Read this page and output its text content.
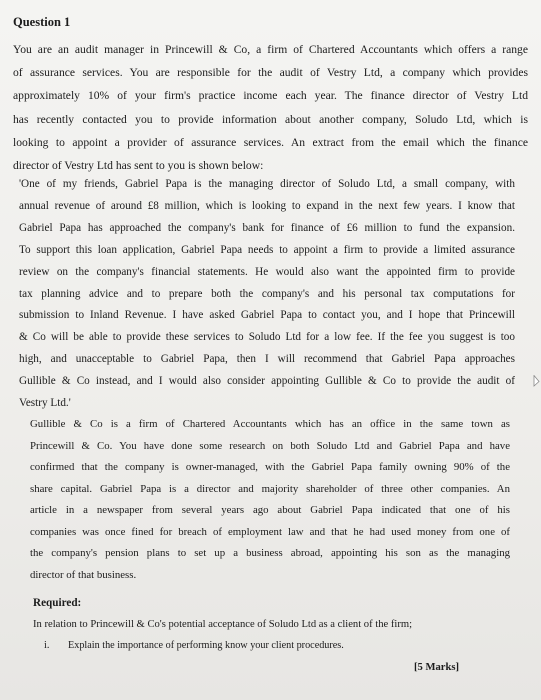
Question 1
You are an audit manager in Princewill & Co, a firm of Chartered Accountants which offers a range
of assurance services. You are responsible for the audit of Vestry Ltd, a company which provides
approximately 10% of your firm's practice income each year. The finance director of Vestry Ltd
has recently contacted you to provide information about another company, Soludo Ltd, which is
looking to appoint a provider of assurance services. An extract from the email which the finance
director of Vestry Ltd has sent to you is shown below:
'One of my friends, Gabriel Papa is the managing director of Soludo Ltd, a small company, with
annual revenue of around £8 million, which is looking to expand in the next few years. I know that
Gabriel Papa has approached the company's bank for finance of £6 million to fund the expansion.
To support this loan application, Gabriel Papa needs to appoint a firm to provide a limited assurance
review on the company's financial statements. He would also want the appointed firm to provide
tax planning advice and to prepare both the company's and his personal tax computations for
submission to Inland Revenue. I have asked Gabriel Papa to contact you, and I hope that Princewill
& Co will be able to provide these services to Soludo Ltd for a low fee. If the fee you suggest is too
high, and unacceptable to Gabriel Papa, then I will recommend that Gabriel Papa approaches
Gullible & Co instead, and I would also consider appointing Gullible & Co to provide the audit of
Vestry Ltd.'
Gullible & Co is a firm of Chartered Accountants which has an office in the same town as
Princewill & Co. You have done some research on both Soludo Ltd and Gabriel Papa and have
confirmed that the company is owner-managed, with the Gabriel Papa family owning 90% of the
share capital. Gabriel Papa is a director and majority shareholder of three other companies. An
article in a newspaper from several years ago about Gabriel Papa indicated that one of his
companies was once fined for breach of employment law and that he had used money from one of
the company's pension plans to set up a business abroad, appointing his son as the managing
director of that business.
Required:
In relation to Princewill & Co's potential acceptance of Soludo Ltd as a client of the firm;
i. Explain the importance of performing know your client procedures.
[5 Marks]
